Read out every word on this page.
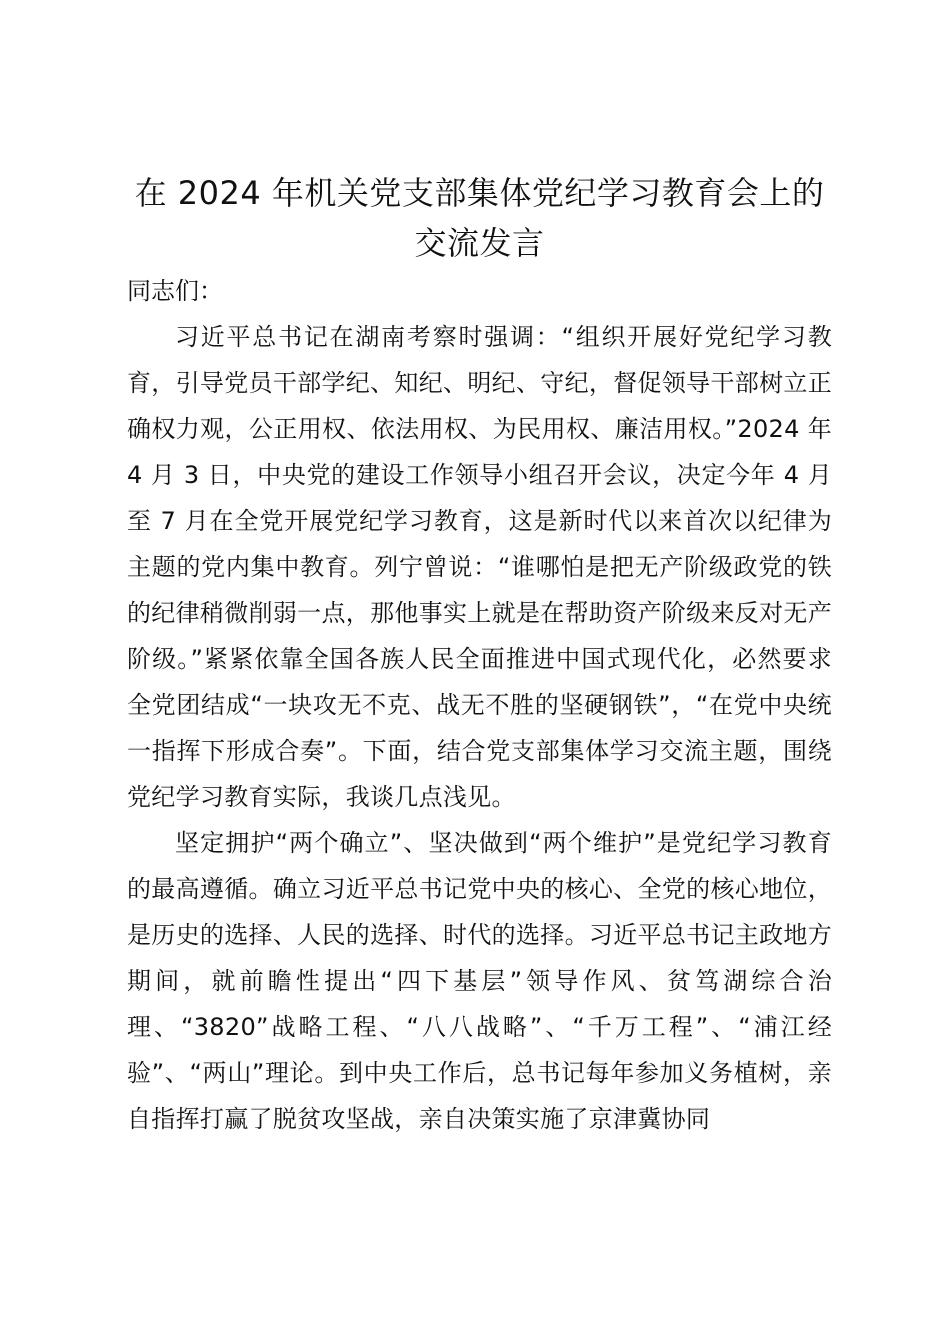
在 2024 年机关党支部集体党纪学习教育会上的交流发言

同志们：

习近平总书记在湖南考察时强调：“组织开展好党纪学习教育，引导党员干部学纪、知纪、明纪、守纪，督促领导干部树立正确权力观，公正用权、依法用权、为民用权、廉洁用权。”2024 年 4 月 3 日，中央党的建设工作领导小组召开会议，决定今年 4 月至 7 月在全党开展党纪学习教育，这是新时代以来首次以纪律为主题的党内集中教育。列宁曾说：“谁哪怕是把无产阶级政党的铁的纪律稍微削弱一点，那他事实上就是在帮助资产阶级来反对无产阶级。”紧紧依靠全国各族人民全面推进中国式现代化，必然要求全党团结成“一块攻无不克、战无不胜的坚硬钢铁”，“在党中央统一指挥下形成合奏”。下面，结合党支部集体学习交流主题，围绕党纪学习教育实际，我谈几点浅见。

坚定拥护“两个确立”、坚决做到“两个维护”是党纪学习教育的最高遵循。确立习近平总书记党中央的核心、全党的核心地位，是历史的选择、人民的选择、时代的选择。习近平总书记主政地方期间，就前瞻性提出“四下基层”领导作风、贫笃湖综合治理、“3820”战略工程、“八八战略”、“千万工程”、“浦江经验”、“两山”理论。到中央工作后，总书记每年参加义务植树，亲自指挥打赢了脱贫攻坚战，亲自决策实施了京津冀协同
